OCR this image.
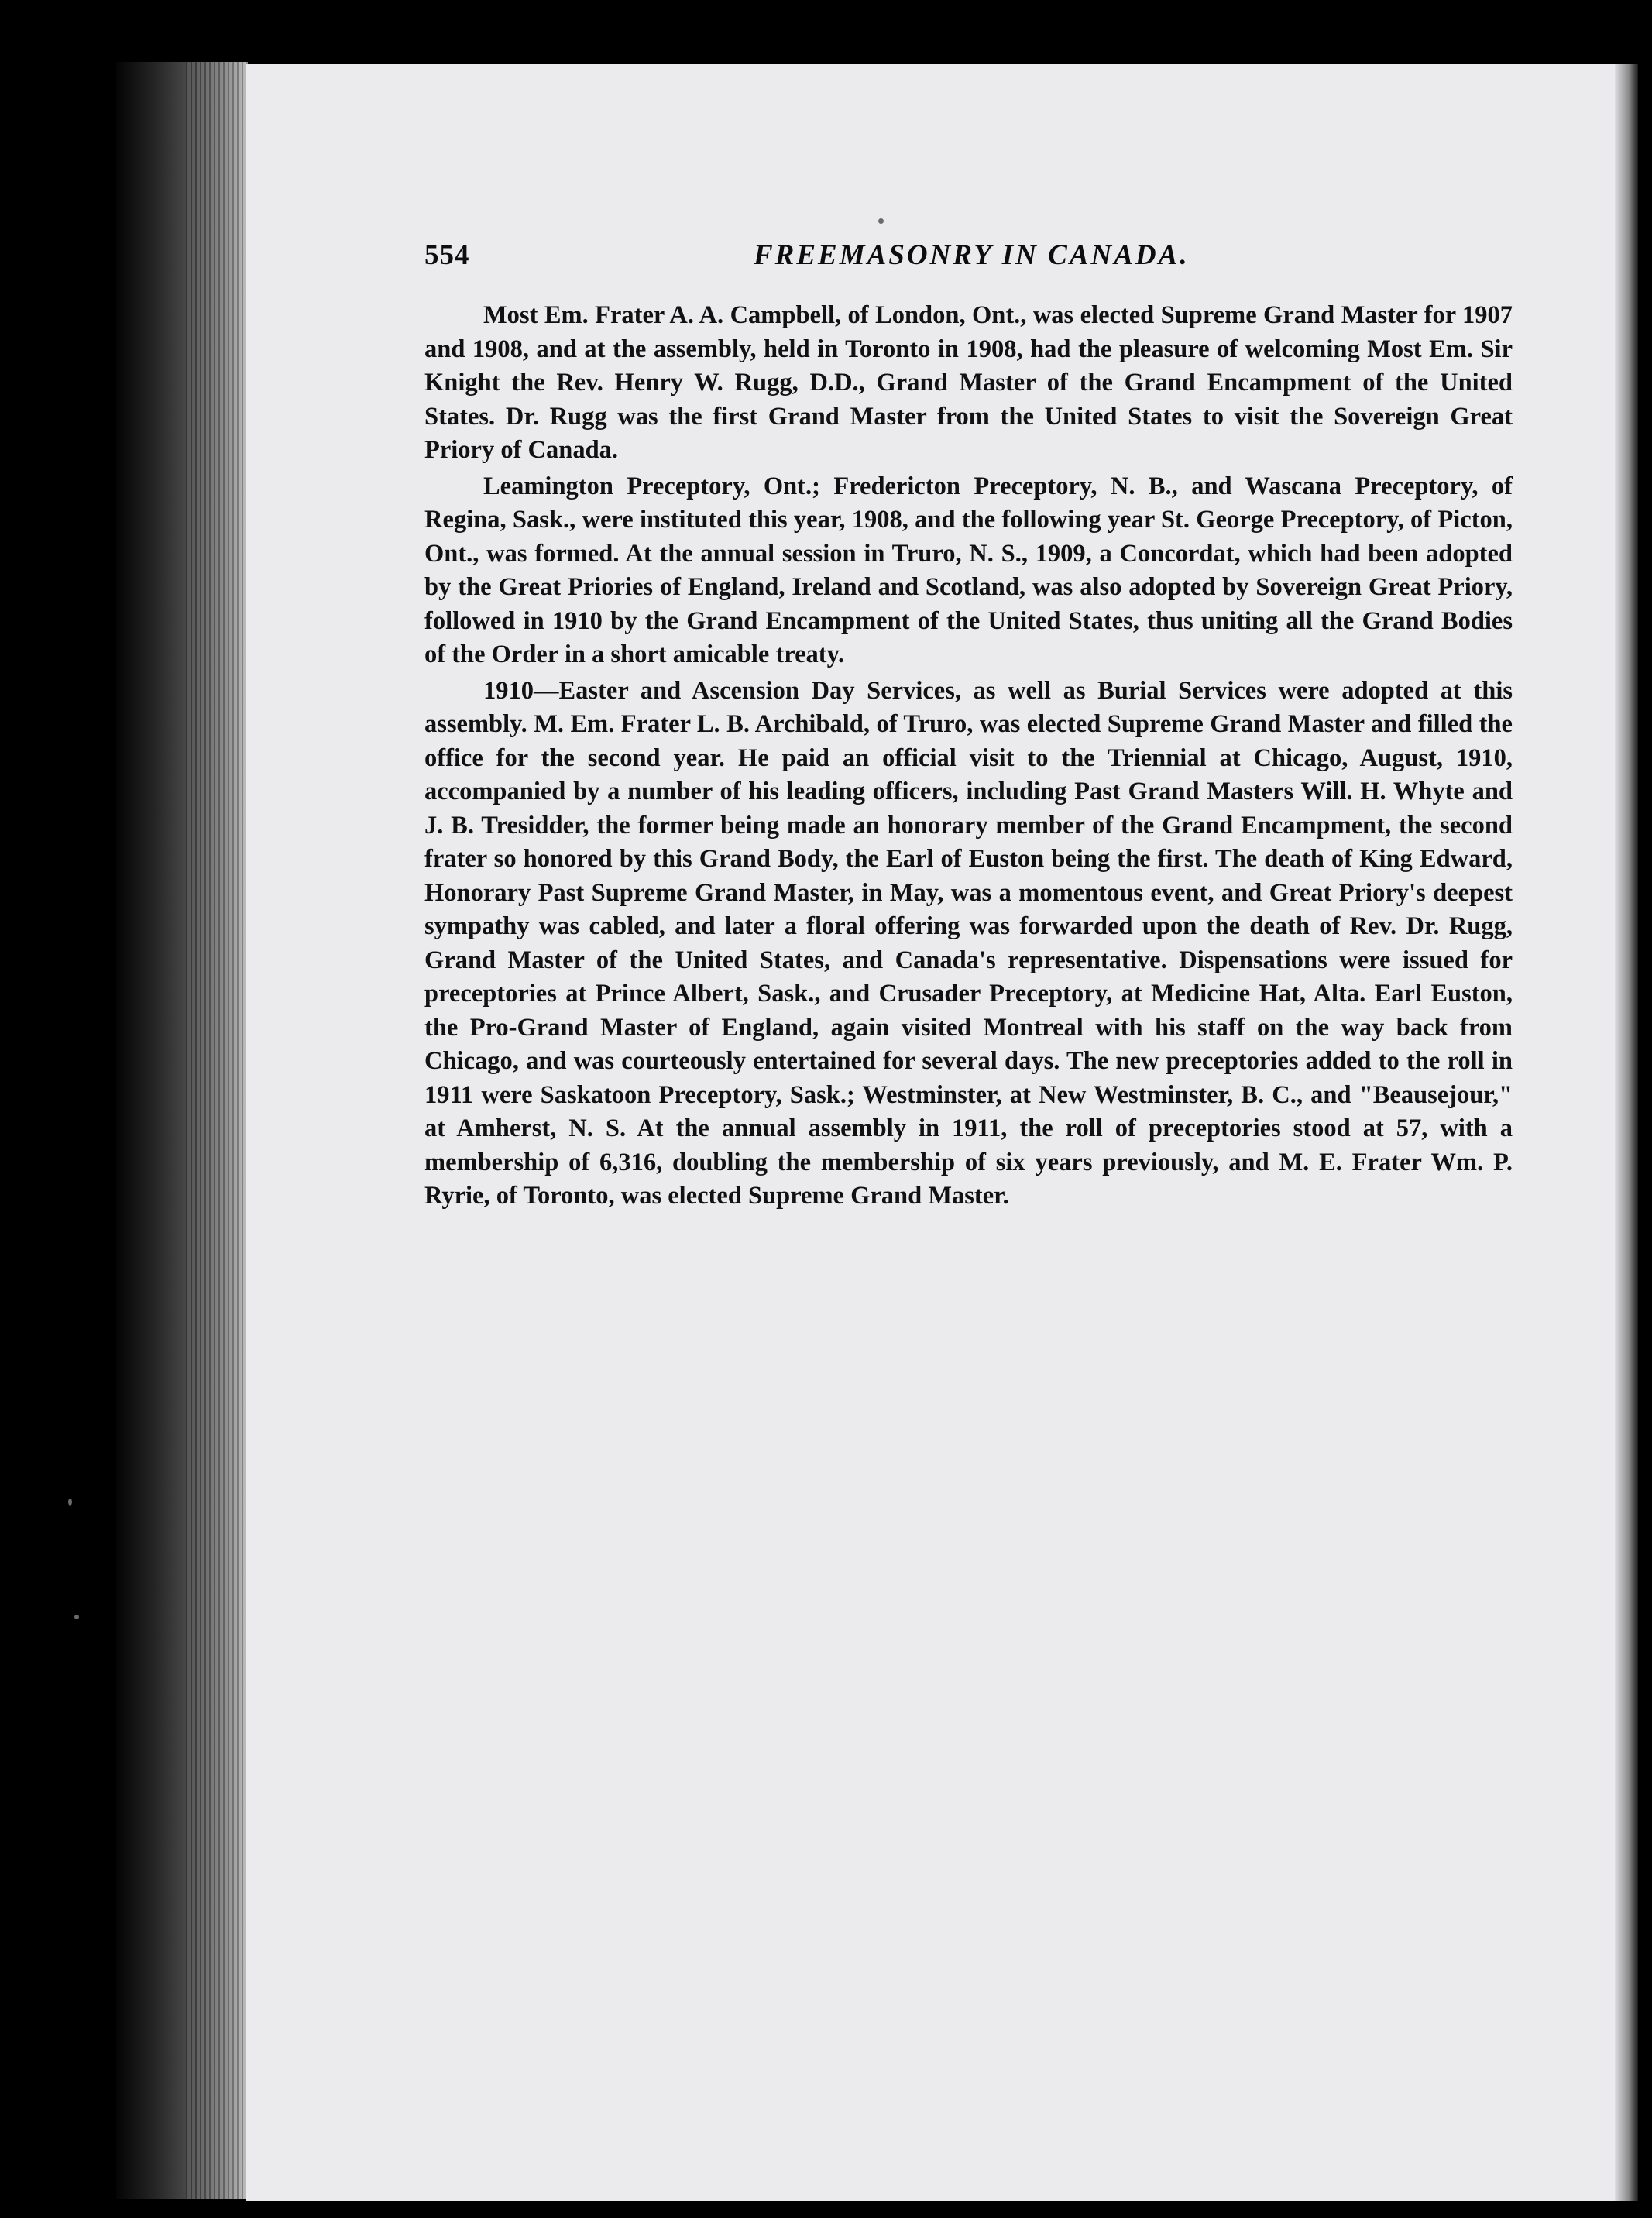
554	FREEMASONRY IN CANADA.

Most Em. Frater A. A. Campbell, of London, Ont., was elected Supreme Grand Master for 1907 and 1908, and at the assembly, held in Toronto in 1908, had the pleasure of welcoming Most Em. Sir Knight the Rev. Henry W. Rugg, D.D., Grand Master of the Grand Encampment of the United States. Dr. Rugg was the first Grand Master from the United States to visit the Sovereign Great Priory of Canada.

Leamington Preceptory, Ont.; Fredericton Preceptory, N. B., and Wascana Preceptory, of Regina, Sask., were instituted this year, 1908, and the following year St. George Preceptory, of Picton, Ont., was formed. At the annual session in Truro, N. S., 1909, a Concordat, which had been adopted by the Great Priories of England, Ireland and Scotland, was also adopted by Sovereign Great Priory, followed in 1910 by the Grand Encampment of the United States, thus uniting all the Grand Bodies of the Order in a short amicable treaty.

1910—Easter and Ascension Day Services, as well as Burial Services were adopted at this assembly. M. Em. Frater L. B. Archibald, of Truro, was elected Supreme Grand Master and filled the office for the second year. He paid an official visit to the Triennial at Chicago, August, 1910, accompanied by a number of his leading officers, including Past Grand Masters Will. H. Whyte and J. B. Tresidder, the former being made an honorary member of the Grand Encampment, the second frater so honored by this Grand Body, the Earl of Euston being the first. The death of King Edward, Honorary Past Supreme Grand Master, in May, was a momentous event, and Great Priory's deepest sympathy was cabled, and later a floral offering was forwarded upon the death of Rev. Dr. Rugg, Grand Master of the United States, and Canada's representative. Dispensations were issued for preceptories at Prince Albert, Sask., and Crusader Preceptory, at Medicine Hat, Alta. Earl Euston, the Pro-Grand Master of England, again visited Montreal with his staff on the way back from Chicago, and was courteously entertained for several days. The new preceptories added to the roll in 1911 were Saskatoon Preceptory, Sask.; Westminster, at New Westminster, B. C., and "Beausejour," at Amherst, N. S. At the annual assembly in 1911, the roll of preceptories stood at 57, with a membership of 6,316, doubling the membership of six years previously, and M. E. Frater Wm. P. Ryrie, of Toronto, was elected Supreme Grand Master.
